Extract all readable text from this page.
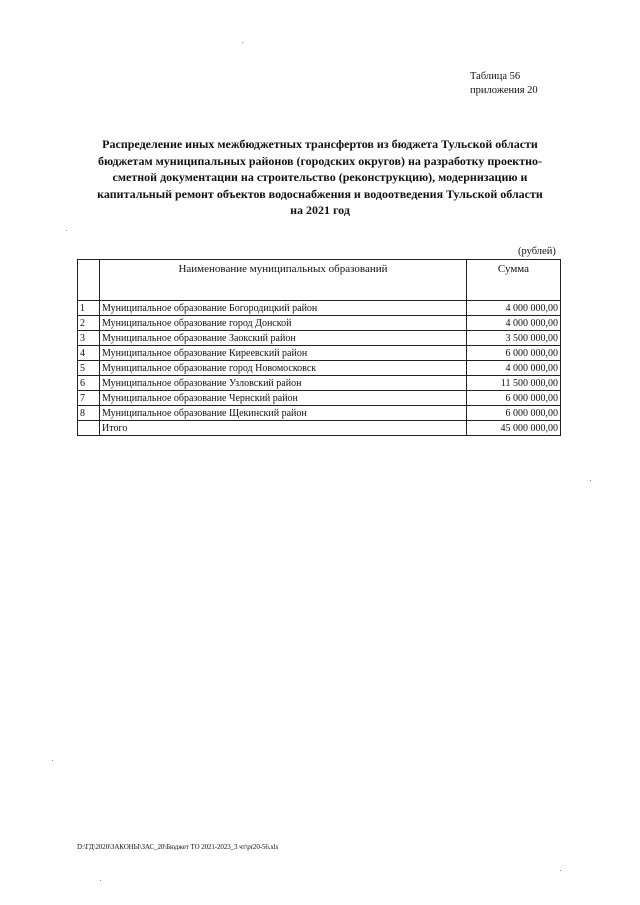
Таблица 56
приложения 20
Распределение иных межбюджетных трансфертов из бюджета Тульской области
бюджетам муниципальных районов (городских округов) на разработку проектно-
сметной документации на строительство (реконструкцию), модернизацию и
капитальный ремонт объектов водоснабжения и водоотведения Тульской области
на 2021 год
(рублей)
	Наименование муниципальных образований	Сумма
1	Муниципальное образование Богородицкий район	4 000 000,00
2	Муниципальное образование город Донской	4 000 000,00
3	Муниципальное образование Заокский район	3 500 000,00
4	Муниципальное образование Киреевский район	6 000 000,00
5	Муниципальное образование город Новомосковск	4 000 000,00
6	Муниципальное образование Узловский район	11 500 000,00
7	Муниципальное образование Чернский район	6 000 000,00
8	Муниципальное образование Щекинский район	6 000 000,00
	Итого	45 000 000,00
D:\ГД\2020\ЗАКОНЫ\ЗАС_20\Бюджет ТО 2021-2023_3 чт\pr20-56.xls
